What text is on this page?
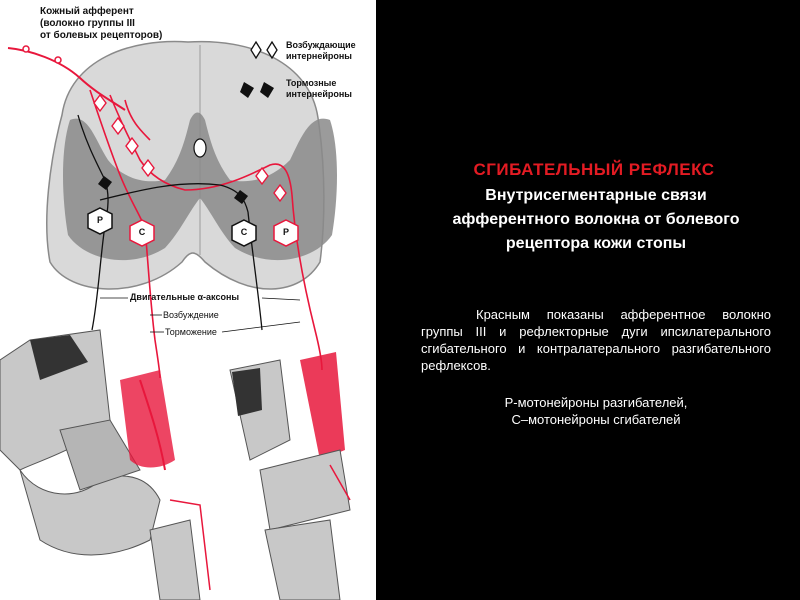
Кожный афферент
(волокно группы III
от болевых рецепторов)
Возбуждающие
интернейроны
Тормозные
интернейроны
Двигательные α-аксоны
Возбуждение
Торможение
P
C	C	P
СГИБАТЕЛЬНЫЙ РЕФЛЕКС
Внутрисегментарные связи афферентного волокна от болевого рецептора кожи стопы
Красным показаны афферентное волокно группы III и рефлекторные дуги ипсилатерального сгибательного и контралатерального разгибательного рефлексов.
Р-мотонейроны разгибателей,
С–мотонейроны сгибателей
